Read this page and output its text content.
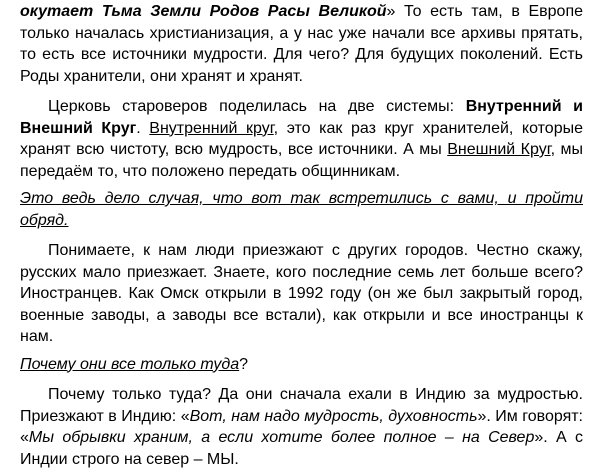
окутает Тьма Земли Родов Расы Великой» То есть там, в Европе только началась христианизация, а у нас уже начали все архивы прятать, то есть все источники мудрости. Для чего? Для будущих поколений. Есть Роды хранители, они хранят и хранят.

Церковь староверов поделилась на две системы: Внутренний и Внешний Круг. Внутренний круг, это как раз круг хранителей, которые хранят всю чистоту, всю мудрость, все источники. А мы Внешний Круг, мы передаём то, что положено передать общинникам.

Это ведь дело случая, что вот так встретились с вами, и пройти обряд.

Понимаете, к нам люди приезжают с других городов. Честно скажу, русских мало приезжает. Знаете, кого последние семь лет больше всего? Иностранцев. Как Омск открыли в 1992 году (он же был закрытый город, военные заводы, а заводы все встали), как открыли и все иностранцы к нам.

Почему они все только туда?

Почему только туда? Да они сначала ехали в Индию за мудростью. Приезжают в Индию: «Вот, нам надо мудрость, духовность». Им говорят: «Мы обрывки храним, а если хотите более полное – на Север». А с Индии строго на север – МЫ.
